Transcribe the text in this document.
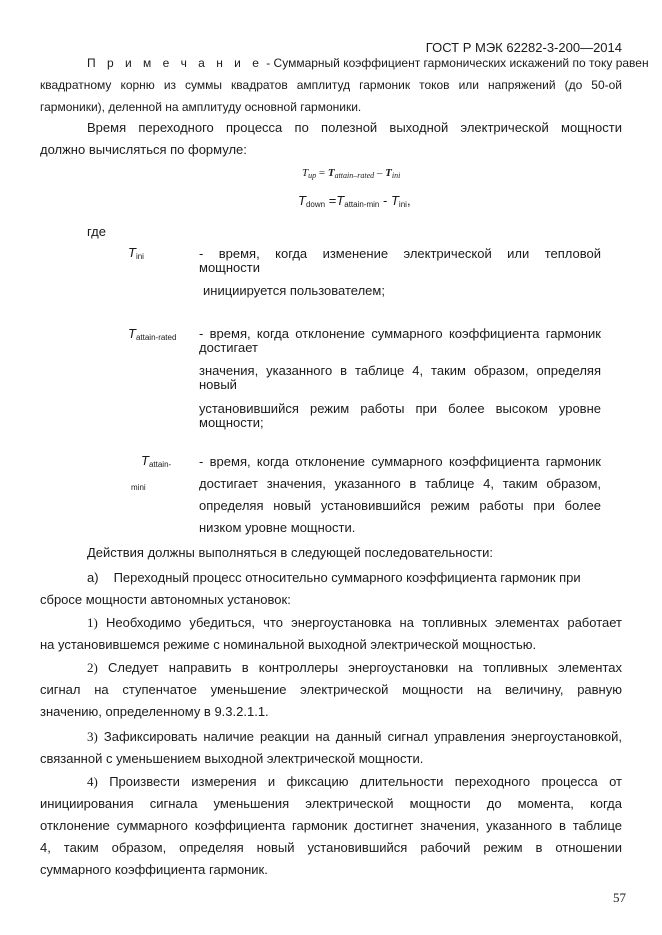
ГОСТ Р МЭК 62282-3-200—2014
П р и м е ч а н и е - Суммарный коэффициент гармонических искажений по току равен
квадратному корню из суммы квадратов амплитуд гармоник токов или напряжений (до 50-ой
гармоники), деленной на амплитуду основной гармоники.
Время переходного процесса по полезной выходной электрической мощности
должно вычисляться по формуле:
$T_{up} = T_{attain-rated} - T_{ini}$
$T_{down} =T_{attain-min} - T_{ini}$,
где
$T_{ini}$	- время, когда изменение электрической или тепловой
мощности
инициируется пользователем;
$T_{attain-rated}$ - время, когда отклонение суммарного коэффициента гармоник
достигает
значения, указанного в таблице 4, таким образом, определяя
новый
установившийся режим работы при более высоком уровне
мощности;
$T_{attain-}$
mini
- время, когда отклонение суммарного коэффициента гармоник
достигает значения, указанного в таблице 4, таким образом,
определяя новый установившийся режим работы при более
низком уровне мощности.
Действия должны выполняться в следующей последовательности:
а) Переходный процесс относительно суммарного коэффициента гармоник при
сбросе мощности автономных установок:
1) Необходимо убедиться, что энергоустановка на топливных элементах работает
на установившемся режиме с номинальной выходной электрической мощностью.
2) Следует направить в контроллеры энергоустановки на топливных элементах
сигнал на ступенчатое уменьшение электрической мощности на величину, равную
значению, определенному в 9.3.2.1.1.
3) Зафиксировать наличие реакции на данный сигнал управления энергоустановкой,
связанной с уменьшением выходной электрической мощности.
4) Произвести измерения и фиксацию длительности переходного процесса от
инициирования сигнала уменьшения электрической мощности до момента, когда
отклонение суммарного коэффициента гармоник достигнет значения, указанного в таблице
4, таким образом, определяя новый установившийся рабочий режим в отношении
суммарного коэффициента гармоник.
57
